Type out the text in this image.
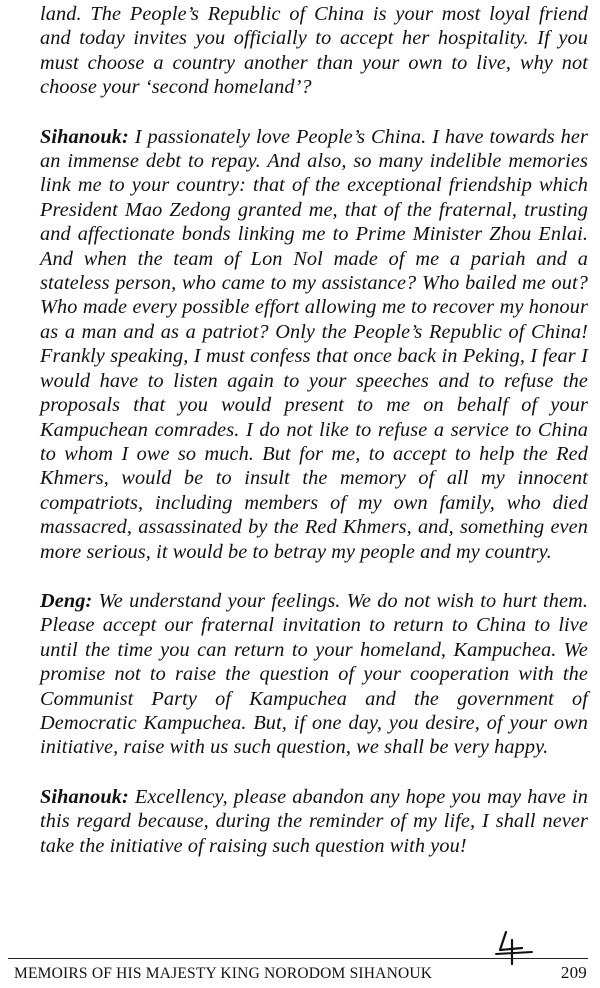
land. The People’s Republic of China is your most loyal friend and today invites you officially to accept her hospitality. If you must choose a country another than your own to live, why not choose your ‘second homeland’?

Sihanouk: I passionately love People’s China. I have towards her an immense debt to repay. And also, so many indelible memories link me to your country: that of the exceptional friendship which President Mao Zedong granted me, that of the fraternal, trusting and affectionate bonds linking me to Prime Minister Zhou Enlai. And when the team of Lon Nol made of me a pariah and a stateless person, who came to my assistance? Who bailed me out? Who made every possible effort allowing me to recover my honour as a man and as a patriot? Only the People’s Republic of China! Frankly speaking, I must confess that once back in Peking, I fear I would have to listen again to your speeches and to refuse the proposals that you would present to me on behalf of your Kampuchean comrades. I do not like to refuse a service to China to whom I owe so much. But for me, to accept to help the Red Khmers, would be to insult the memory of all my innocent compatriots, including members of my own family, who died massacred, assassinated by the Red Khmers, and, something even more serious, it would be to betray my people and my country.

Deng: We understand your feelings. We do not wish to hurt them. Please accept our fraternal invitation to return to China to live until the time you can return to your homeland, Kampuchea. We promise not to raise the question of your cooperation with the Communist Party of Kampuchea and the government of Democratic Kampuchea. But, if one day, you desire, of your own initiative, raise with us such question, we shall be very happy.

Sihanouk: Excellency, please abandon any hope you may have in this regard because, during the reminder of my life, I shall never take the initiative of raising such question with you!

MEMOIRS OF HIS MAJESTY KING NORODOM SIHANOUK	209
